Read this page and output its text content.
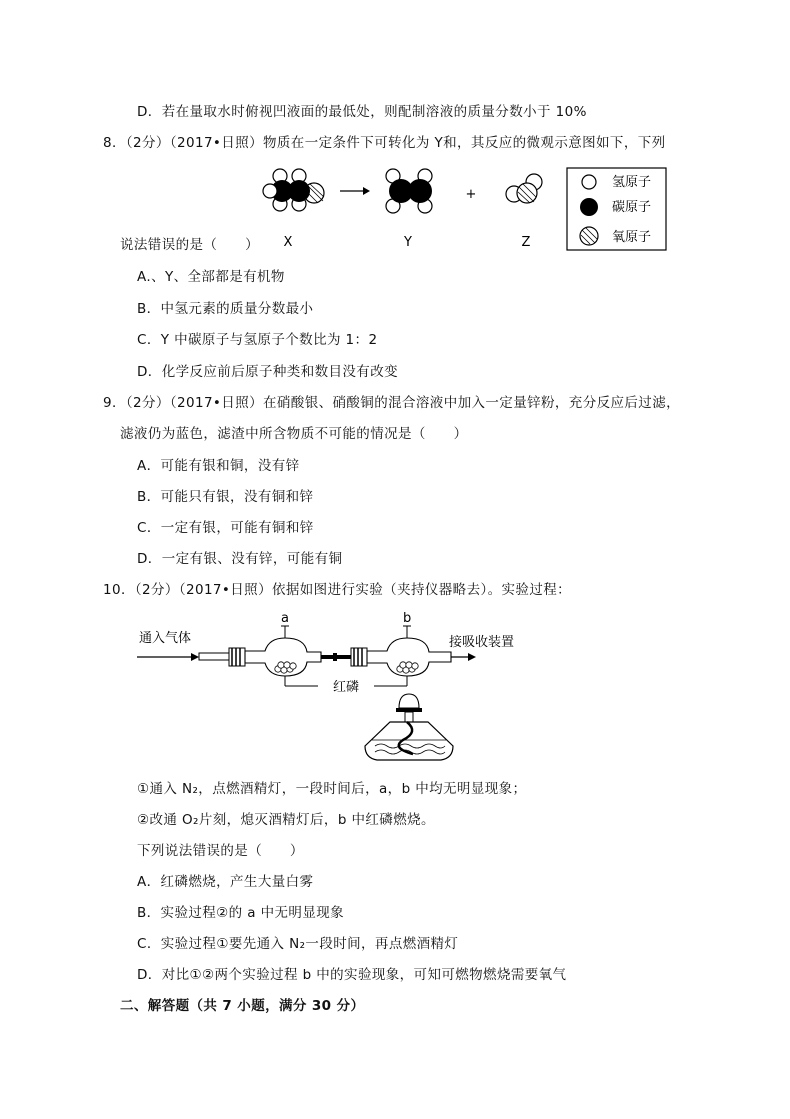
D．若在量取水时俯视凹液面的最低处，则配制溶液的质量分数小于 10%
8．（2分）（2017•日照）物质在一定条件下可转化为 Y和，其反应的微观示意图如下，下列
+
氢原子
碳原子
氧原子
X	Y	Z
说法错误的是（　　）
A.、Y、全部都是有机物
B．中氢元素的质量分数最小
C．Y 中碳原子与氢原子个数比为 1：2
D．化学反应前后原子种类和数目没有改变
9．（2分）（2017•日照）在硝酸银、硝酸铜的混合溶液中加入一定量锌粉，充分反应后过滤，
滤液仍为蓝色，滤渣中所含物质不可能的情况是（　　）
A．可能有银和铜，没有锌
B．可能只有银，没有铜和锌
C．一定有银，可能有铜和锌
D．一定有银、没有锌，可能有铜
10．（2分）（2017•日照）依据如图进行实验（夹持仪器略去）。实验过程：
通入气体
a	b
接吸收装置
红磷
①通入 N₂，点燃酒精灯，一段时间后，a，b 中均无明显现象；
②改通 O₂片刻，熄灭酒精灯后，b 中红磷燃烧。
下列说法错误的是（　　）
A．红磷燃烧，产生大量白雾
B．实验过程②的 a 中无明显现象
C．实验过程①要先通入 N₂一段时间，再点燃酒精灯
D．对比①②两个实验过程 b 中的实验现象，可知可燃物燃烧需要氧气
二、解答题（共 7 小题，满分 30 分）
